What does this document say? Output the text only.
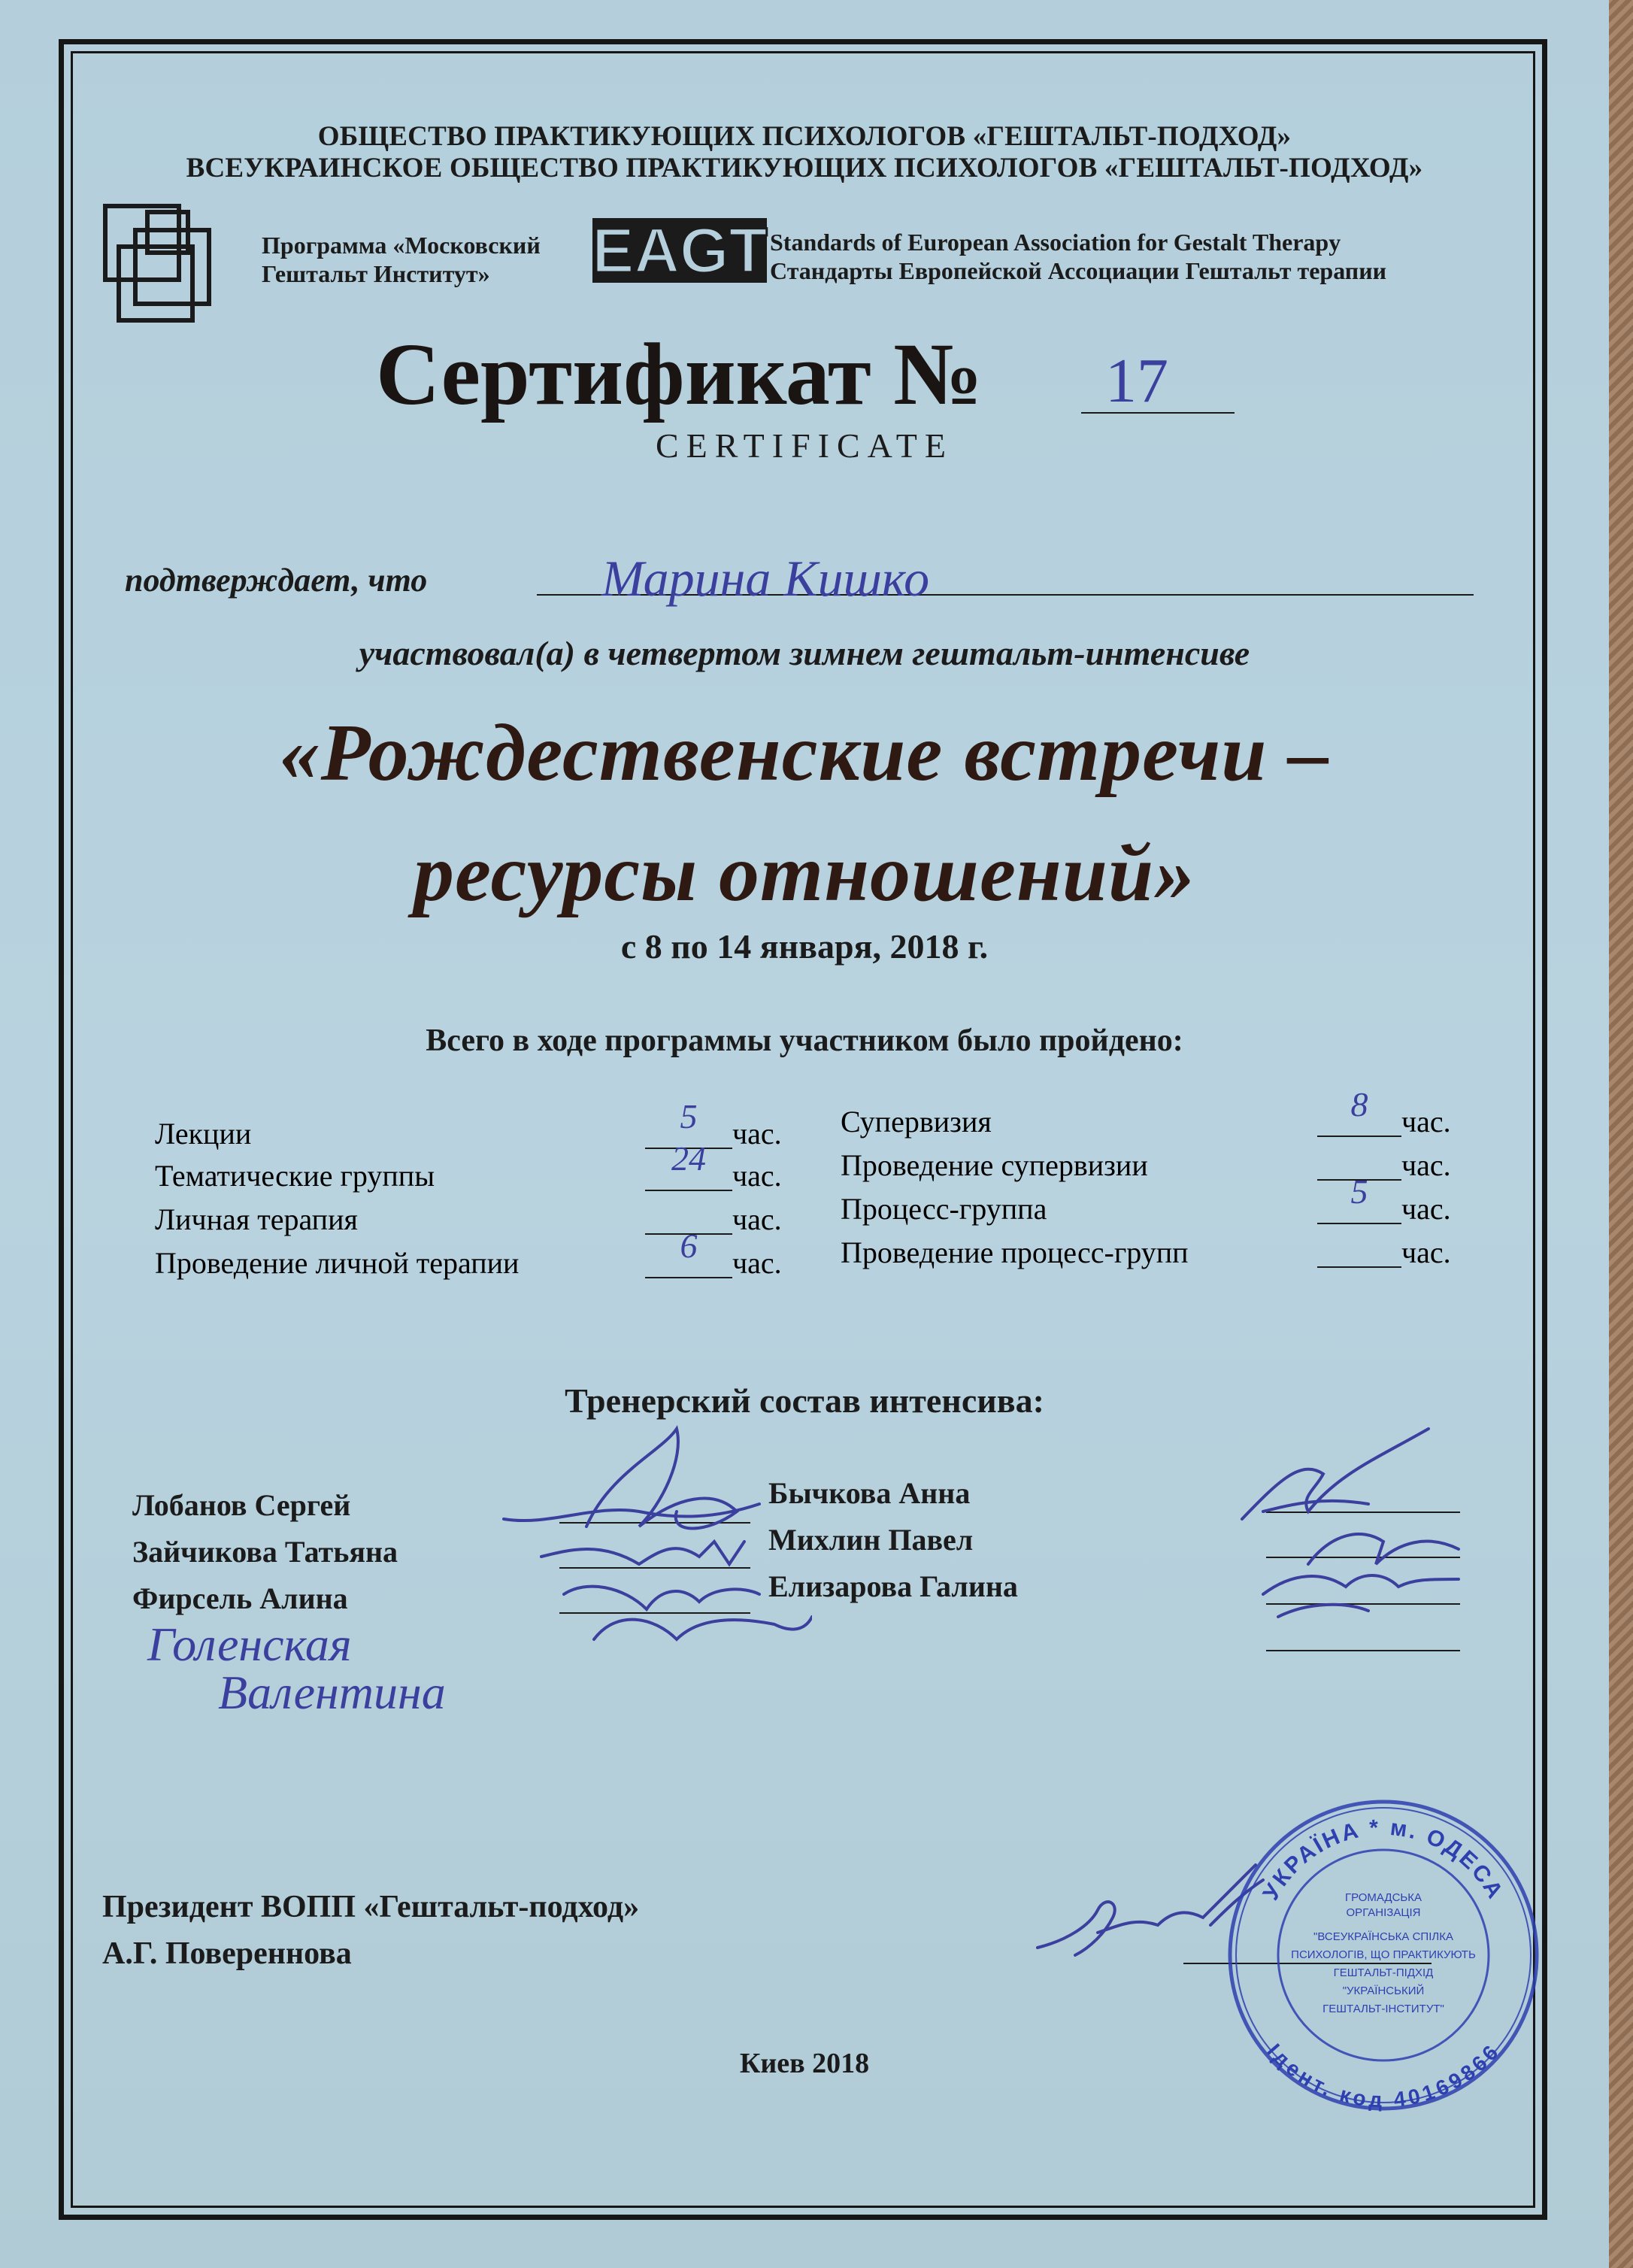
ОБЩЕСТВО ПРАКТИКУЮЩИХ ПСИХОЛОГОВ «ГЕШТАЛЬТ-ПОДХОД»
ВСЕУКРАИНСКОЕ ОБЩЕСТВО ПРАКТИКУЮЩИХ ПСИХОЛОГОВ «ГЕШТАЛЬТ-ПОДХОД»
Программа «Московский
Гештальт Институт» EAGT Standards of European Association for Gestalt Therapy
Стандарты Европейской Ассоциации Гештальт терапии
Сертификат № 17
CERTIFICATE
подтверждает, что	Марина Кишко
участвовал(а) в четвертом зимнем гештальт-интенсиве
«Рождественские встречи –
ресурсы отношений»
с 8 по 14 января, 2018 г.
Всего в ходе программы участником было пройдено:
Лекции
Тематические группы
Личная терапия
Проведение личной терапии
5
24
6
час.
час.
час.
час.
Супервизия
Проведение супервизии
Процесс-группа
Проведение процесс-групп
8
5
час.
час.
час.
час.
Тренерский состав интенсива:
Лобанов Сергей
Зайчикова Татьяна
Фирсель Алина
Голенская
Валентина
Бычкова Анна
Михлин Павел
Елизарова Галина
Президент ВОПП «Гештальт-подход»
А.Г. Повереннова
УКРАЇНА * м. ОДЕСА
Ідент. код 40169866
ГРОМАДСЬКА
ОРГАНІЗАЦІЯ
"ВСЕУКРАЇНСЬКА СПІЛКА
ПСИХОЛОГІВ, ЩО ПРАКТИКУЮТЬ
ГЕШТАЛЬТ-ПІДХІД
"УКРАЇНСЬКИЙ
ГЕШТАЛЬТ-ІНСТИТУТ"
Киев 2018
